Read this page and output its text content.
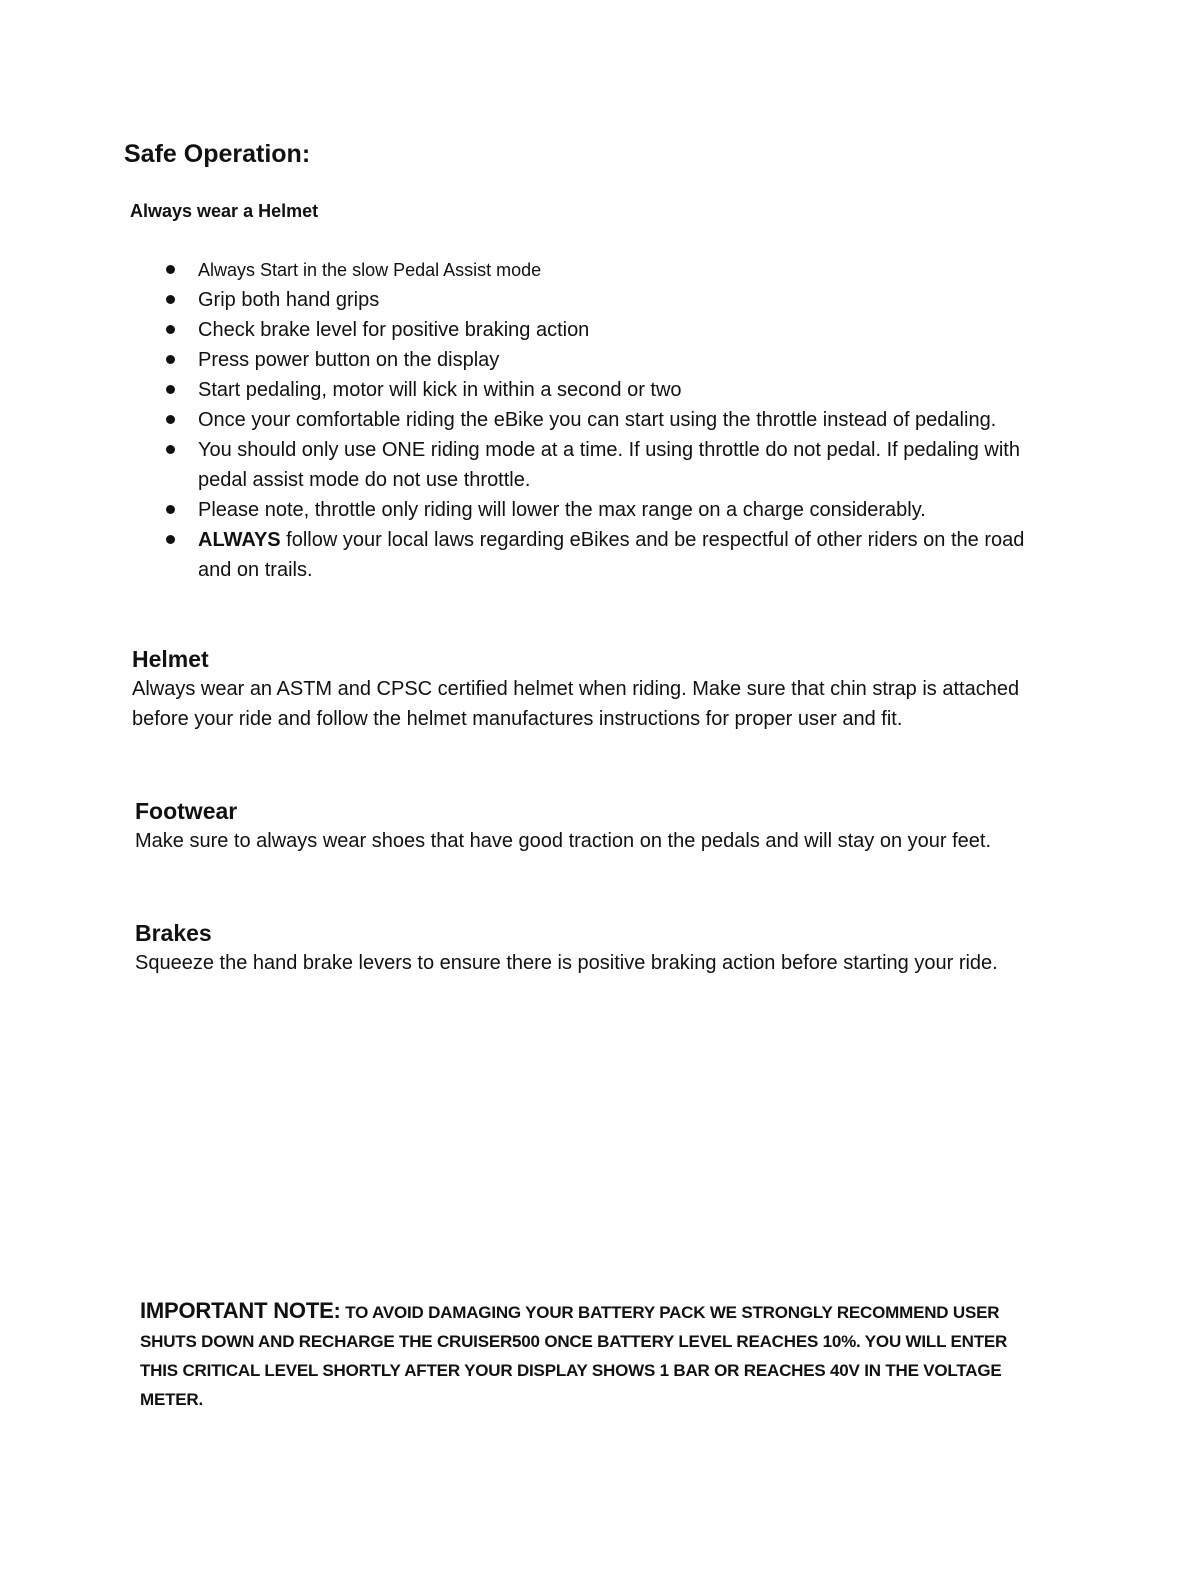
Safe Operation:
Always wear a Helmet
Always Start in the slow Pedal Assist mode
Grip both hand grips
Check brake level for positive braking action
Press power button on the display
Start pedaling, motor will kick in within a second or two
Once your comfortable riding the eBike you can start using the throttle instead of pedaling.
You should only use ONE riding mode at a time. If using throttle do not pedal. If pedaling with pedal assist mode do not use throttle.
Please note, throttle only riding will lower the max range on a charge considerably.
ALWAYS follow your local laws regarding eBikes and be respectful of other riders on the road and on trails.
Helmet

Always wear an ASTM and CPSC certified helmet when riding. Make sure that chin strap is attached before your ride and follow the helmet manufactures instructions for proper user and fit.

Footwear

Make sure to always wear shoes that have good traction on the pedals and will stay on your feet.

Brakes

Squeeze the hand brake levers to ensure there is positive braking action before starting your ride.

IMPORTANT NOTE: TO AVOID DAMAGING YOUR BATTERY PACK WE STRONGLY RECOMMEND USER SHUTS DOWN AND RECHARGE THE CRUISER500 ONCE BATTERY LEVEL REACHES 10%. YOU WILL ENTER THIS CRITICAL LEVEL SHORTLY AFTER YOUR DISPLAY SHOWS 1 BAR OR REACHES 40V IN THE VOLTAGE METER.
